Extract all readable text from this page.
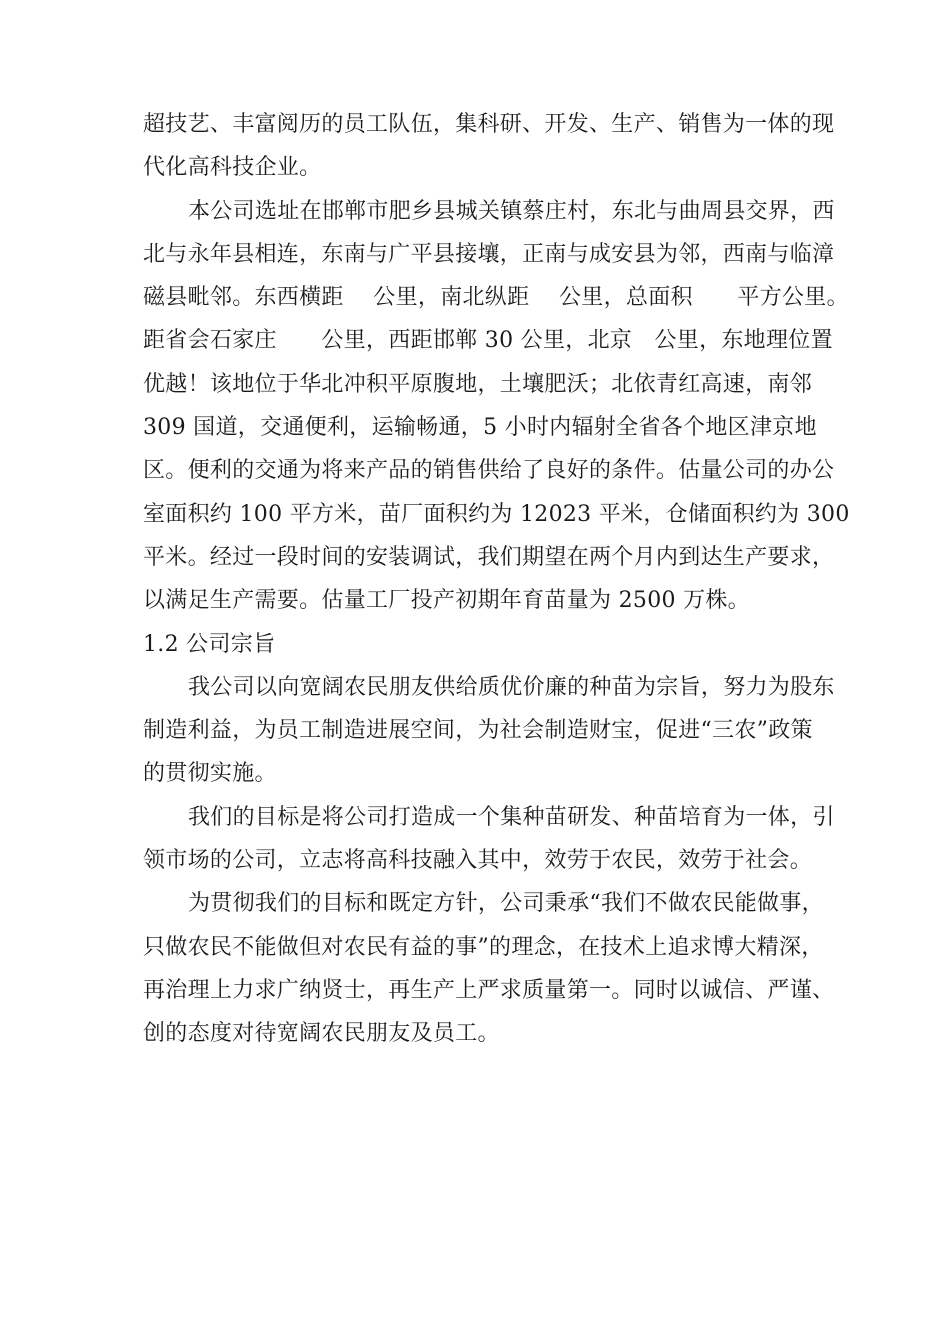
超技艺、丰富阅历的员工队伍，集科研、开发、生产、销售为一体的现
代化高科技企业。
本公司选址在邯郸市肥乡县城关镇蔡庄村，东北与曲周县交界，西
北与永年县相连，东南与广平县接壤，正南与成安县为邻，西南与临漳
磁县毗邻。东西横距　 公里，南北纵距　 公里，总面积　　平方公里。
距省会石家庄　　公里，西距邯郸 30 公里，北京　公里，东地理位置
优越！该地位于华北冲积平原腹地，土壤肥沃；北依青红高速，南邻
309 国道，交通便利，运输畅通，5 小时内辐射全省各个地区津京地
区。便利的交通为将来产品的销售供给了良好的条件。估量公司的办公
室面积约 100 平方米，苗厂面积约为 12023 平米，仓储面积约为 300
平米。经过一段时间的安装调试，我们期望在两个月内到达生产要求，
以满足生产需要。估量工厂投产初期年育苗量为 2500 万株。
1.2 公司宗旨
我公司以向宽阔农民朋友供给质优价廉的种苗为宗旨，努力为股东
制造利益，为员工制造进展空间，为社会制造财宝，促进“三农”政策
的贯彻实施。
我们的目标是将公司打造成一个集种苗研发、种苗培育为一体，引
领市场的公司，立志将高科技融入其中，效劳于农民，效劳于社会。
为贯彻我们的目标和既定方针，公司秉承“我们不做农民能做事，
只做农民不能做但对农民有益的事”的理念，在技术上追求博大精深，
再治理上力求广纳贤士，再生产上严求质量第一。同时以诚信、严谨、
创的态度对待宽阔农民朋友及员工。
